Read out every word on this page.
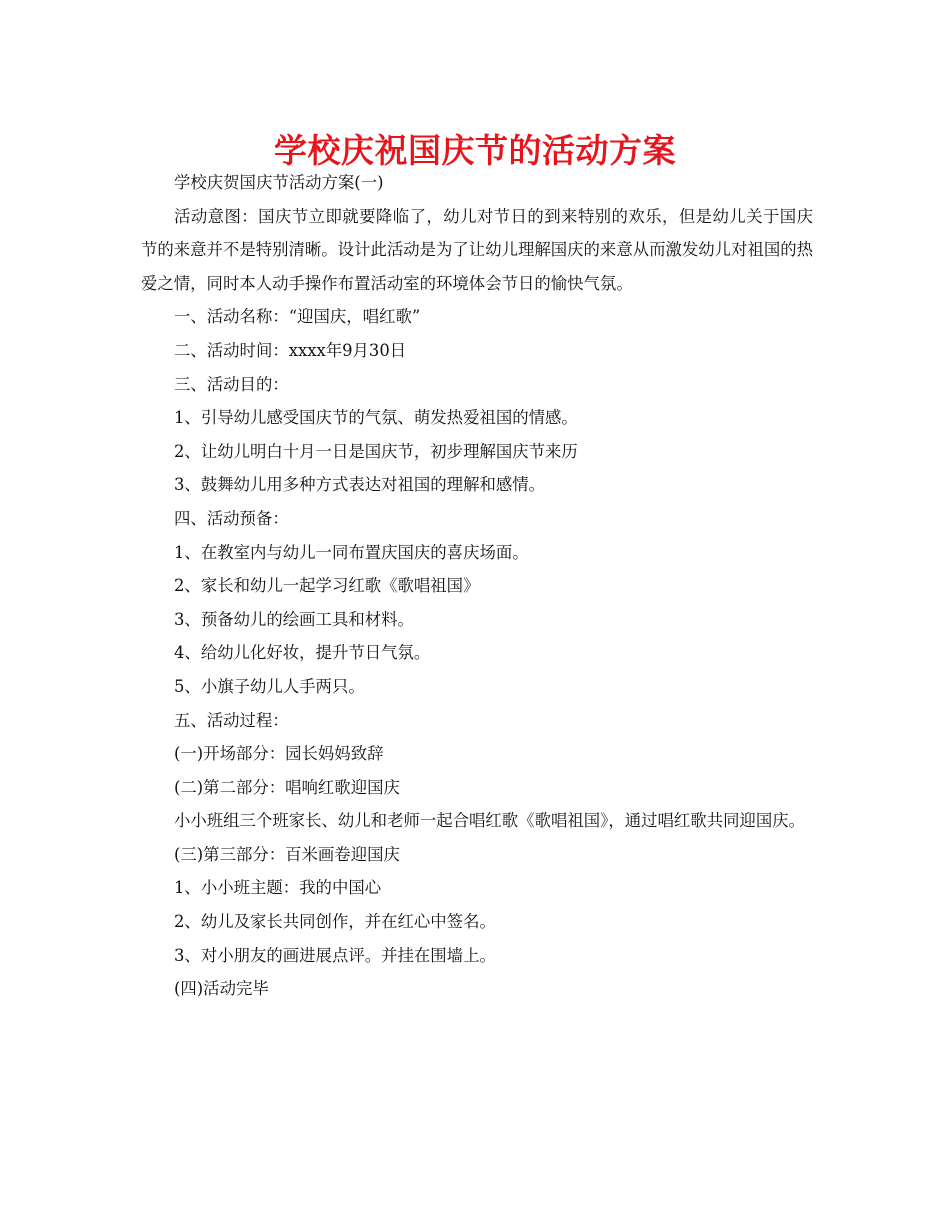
学校庆祝国庆节的活动方案

学校庆贺国庆节活动方案(一)

活动意图：国庆节立即就要降临了，幼儿对节日的到来特别的欢乐，但是幼儿关于国庆节的来意并不是特别清晰。设计此活动是为了让幼儿理解国庆的来意从而激发幼儿对祖国的热爱之情，同时本人动手操作布置活动室的环境体会节日的愉快气氛。

一、活动名称：“迎国庆，唱红歌”

二、活动时间：xxxx年9月30日

三、活动目的：

1、引导幼儿感受国庆节的气氛、萌发热爱祖国的情感。

2、让幼儿明白十月一日是国庆节，初步理解国庆节来历

3、鼓舞幼儿用多种方式表达对祖国的理解和感情。

四、活动预备：

1、在教室内与幼儿一同布置庆国庆的喜庆场面。

2、家长和幼儿一起学习红歌《歌唱祖国》

3、预备幼儿的绘画工具和材料。

4、给幼儿化好妆，提升节日气氛。

5、小旗子幼儿人手两只。

五、活动过程：

(一)开场部分：园长妈妈致辞

(二)第二部分：唱响红歌迎国庆

小小班组三个班家长、幼儿和老师一起合唱红歌《歌唱祖国》，通过唱红歌共同迎国庆。

(三)第三部分：百米画卷迎国庆

1、小小班主题：我的中国心

2、幼儿及家长共同创作，并在红心中签名。

3、对小朋友的画进展点评。并挂在围墙上。

(四)活动完毕
